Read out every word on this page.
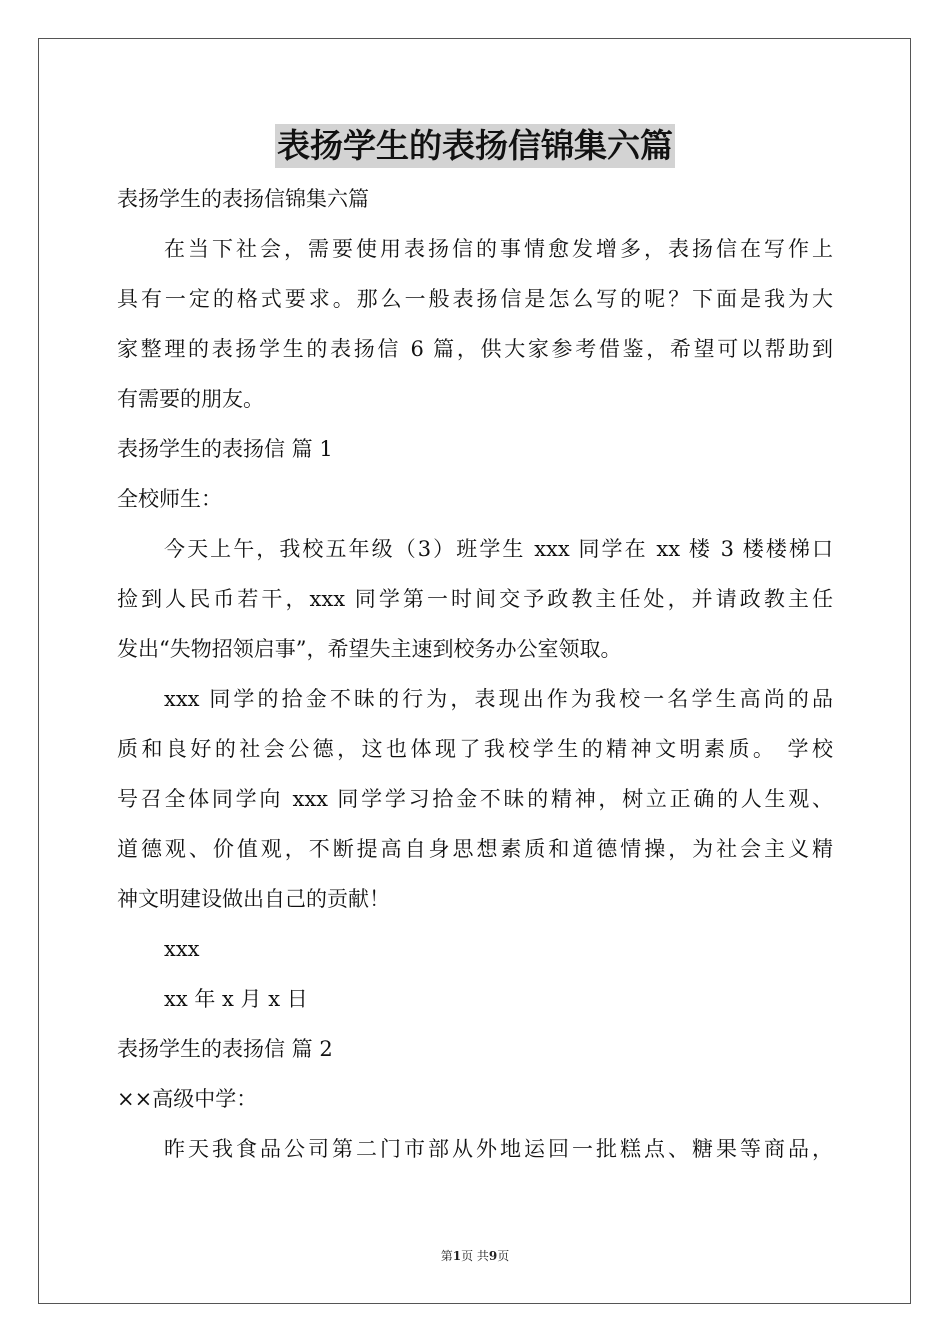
表扬学生的表扬信锦集六篇
表扬学生的表扬信锦集六篇
在当下社会，需要使用表扬信的事情愈发增多，表扬信在写作上
具有一定的格式要求。那么一般表扬信是怎么写的呢？下面是我为大
家整理的表扬学生的表扬信 6 篇，供大家参考借鉴，希望可以帮助到
有需要的朋友。
表扬学生的表扬信 篇 1
全校师生：
今天上午，我校五年级（3）班学生 xxx 同学在 xx 楼 3 楼楼梯口
捡到人民币若干，xxx 同学第一时间交予政教主任处，并请政教主任
发出“失物招领启事”，希望失主速到校务办公室领取。
xxx 同学的拾金不昧的行为，表现出作为我校一名学生高尚的品
质和良好的社会公德，这也体现了我校学生的精神文明素质。 学校
号召全体同学向 xxx 同学学习拾金不昧的精神，树立正确的人生观、
道德观、价值观，不断提高自身思想素质和道德情操，为社会主义精
神文明建设做出自己的贡献！
xxx
xx 年 x 月 x 日
表扬学生的表扬信 篇 2
××高级中学：
昨天我食品公司第二门市部从外地运回一批糕点、糖果等商品，
第1页 共9页
